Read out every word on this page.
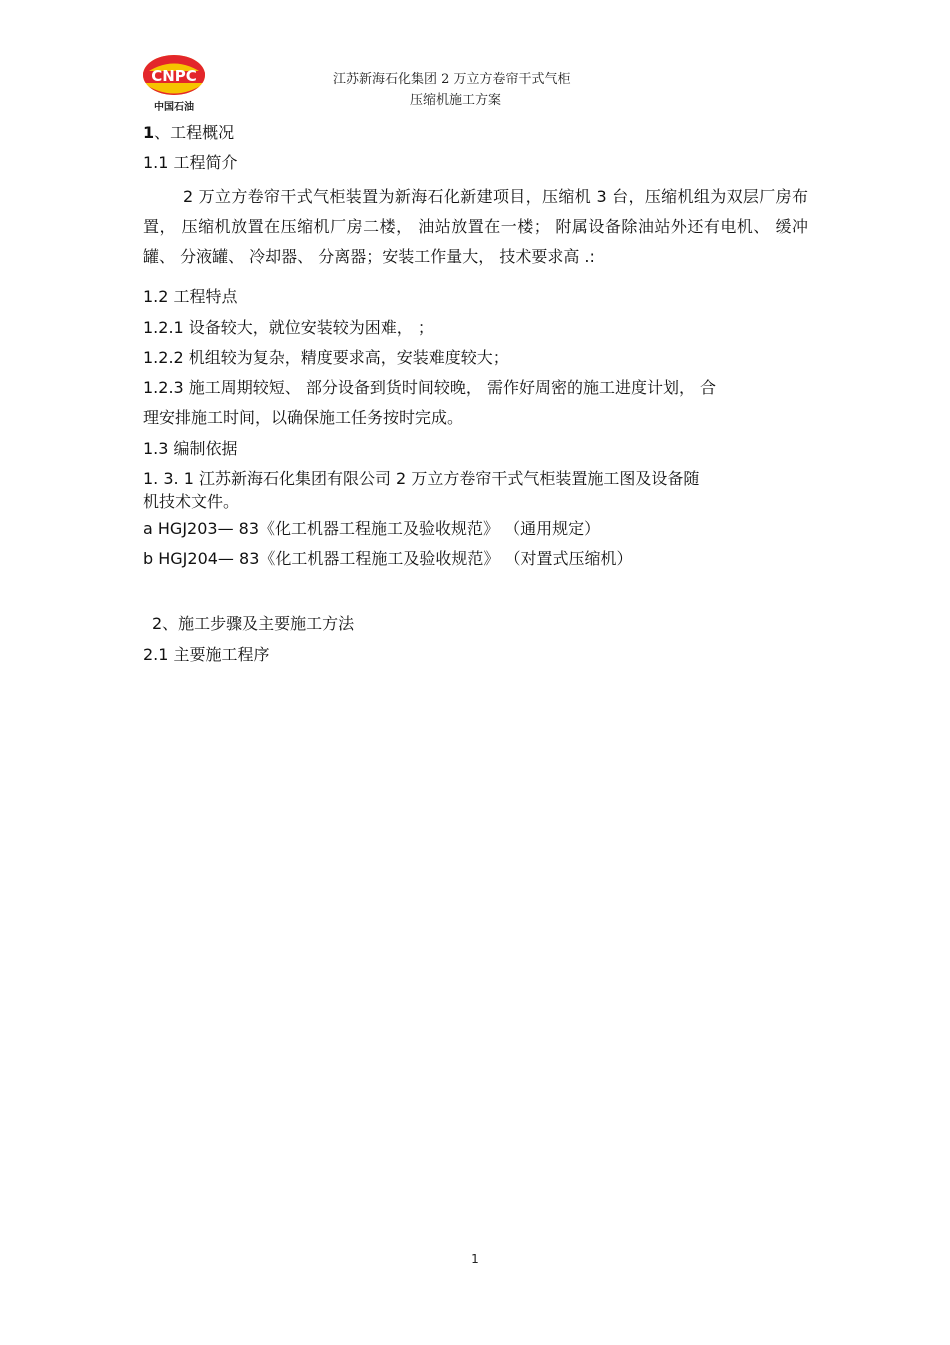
CNPC
中国石油
江苏新海石化集团 2 万立方卷帘干式气柜
压缩机施工方案
1、工程概况
1.1 工程简介
2 万立方卷帘干式气柜装置为新海石化新建项目，压缩机 3 台，压缩机组为双层厂房布置， 压缩机放置在压缩机厂房二楼， 油站放置在一楼； 附属设备除油站外还有电机、 缓冲罐、 分液罐、 冷却器、 分离器；安装工作量大， 技术要求高 .:
1.2 工程特点
1.2.1 设备较大，就位安装较为困难， ；
1.2.2 机组较为复杂，精度要求高，安装难度较大；
1.2.3 施工周期较短、 部分设备到货时间较晚， 需作好周密的施工进度计划， 合
理安排施工时间，以确保施工任务按时完成。
1.3 编制依据
1. 3. 1 江苏新海石化集团有限公司 2 万立方卷帘干式气柜装置施工图及设备随
机技术文件。
a HGJ203— 83《化工机器工程施工及验收规范》 （通用规定）
b HGJ204— 83《化工机器工程施工及验收规范》 （对置式压缩机）
2、施工步骤及主要施工方法
2.1 主要施工程序
1
